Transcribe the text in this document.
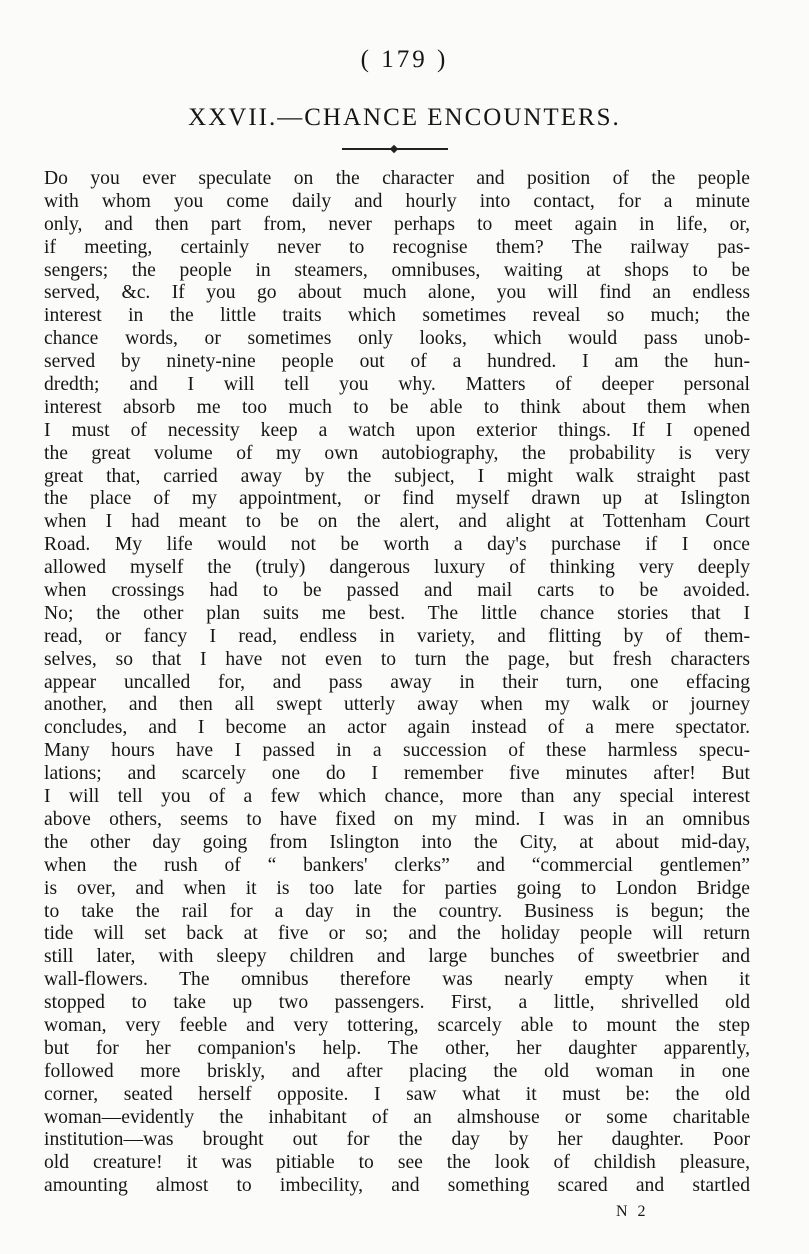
( 179 )
XXVII.—CHANCE ENCOUNTERS.
Do you ever speculate on the character and position of the people
with whom you come daily and hourly into contact, for a minute
only, and then part from, never perhaps to meet again in life, or,
if meeting, certainly never to recognise them? The railway pas-
sengers; the people in steamers, omnibuses, waiting at shops to be
served, &c. If you go about much alone, you will find an endless
interest in the little traits which sometimes reveal so much; the
chance words, or sometimes only looks, which would pass unob-
served by ninety-nine people out of a hundred. I am the hun-
dredth; and I will tell you why. Matters of deeper personal
interest absorb me too much to be able to think about them when
I must of necessity keep a watch upon exterior things. If I opened
the great volume of my own autobiography, the probability is very
great that, carried away by the subject, I might walk straight past
the place of my appointment, or find myself drawn up at Islington
when I had meant to be on the alert, and alight at Tottenham Court
Road. My life would not be worth a day's purchase if I once
allowed myself the (truly) dangerous luxury of thinking very deeply
when crossings had to be passed and mail carts to be avoided.
No; the other plan suits me best. The little chance stories that I
read, or fancy I read, endless in variety, and flitting by of them-
selves, so that I have not even to turn the page, but fresh characters
appear uncalled for, and pass away in their turn, one effacing
another, and then all swept utterly away when my walk or journey
concludes, and I become an actor again instead of a mere spectator.
Many hours have I passed in a succession of these harmless specu-
lations; and scarcely one do I remember five minutes after! But
I will tell you of a few which chance, more than any special interest
above others, seems to have fixed on my mind. I was in an omnibus
the other day going from Islington into the City, at about mid-day,
when the rush of “ bankers' clerks” and “commercial gentlemen”
is over, and when it is too late for parties going to London Bridge
to take the rail for a day in the country. Business is begun; the
tide will set back at five or so; and the holiday people will return
still later, with sleepy children and large bunches of sweetbrier and
wall-flowers. The omnibus therefore was nearly empty when it
stopped to take up two passengers. First, a little, shrivelled old
woman, very feeble and very tottering, scarcely able to mount the step
but for her companion's help. The other, her daughter apparently,
followed more briskly, and after placing the old woman in one
corner, seated herself opposite. I saw what it must be: the old
woman—evidently the inhabitant of an almshouse or some charitable
institution—was brought out for the day by her daughter. Poor
old creature! it was pitiable to see the look of childish pleasure,
amounting almost to imbecility, and something scared and startled
N 2
